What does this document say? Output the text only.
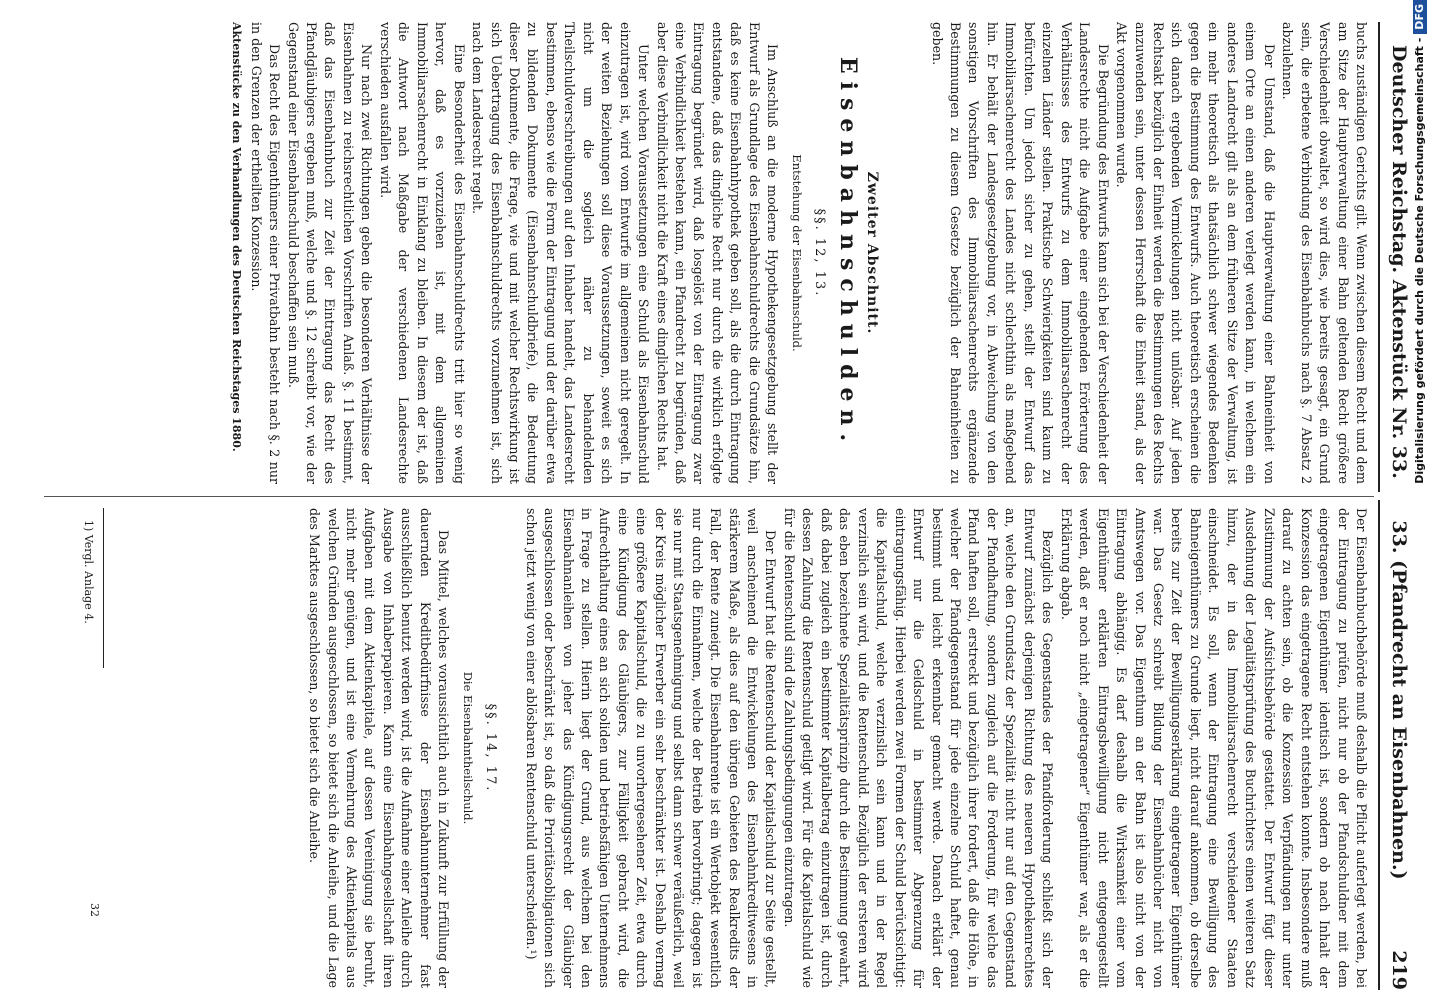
Deutscher Reichstag. Aktenstück Nr. 33.
33. (Pfandrecht an Eisenbahnen.)
219

buchs zuständigen Gerichts gilt. Wenn zwischen diesem Recht und dem am Sitze der Hauptverwaltung einer Bahn geltenden Recht größere Verschiedenheit obwaltet, so wird dies, wie bereits gesagt, ein Grund sein, die erbetene Verbindung des Eisenbahnbuchs nach §. 7 Absatz 2 abzulehnen.

Der Umstand, daß die Hauptverwaltung einer Bahneinheit von einem Orte an einen anderen verlegt werden kann, in welchem ein anderes Landrecht gilt als an dem früheren Sitze der Verwaltung, ist ein mehr theoretisch als thatsächlich schwer wiegendes Bedenken gegen die Bestimmung des Entwurfs. Auch theoretisch erscheinen die sich danach ergebenden Vermickelungen nicht unlösbar. Auf jeden Rechtsakt bezüglich der Einheit werden die Bestimmungen des Rechts anzuwenden sein, unter dessen Herrschaft die Einheit stand, als der Akt vorgenommen wurde.

Die Begründung des Entwurfs kann sich bei der Verschiedenheit der Landesrechte nicht die Aufgabe einer eingehenden Erörterung des Verhältnisses des Entwurfs zu dem Immobiliarsachenrecht der einzelnen Länder stellen. Praktische Schwierigkeiten sind kaum zu befürchten. Um jedoch sicher zu gehen, stellt der Entwurf das Immobiliarsachenrecht des Landes nicht schlechthin als maßgebend hin. Er behält der Landesgesetzgebung vor, in Abweichung von den sonstigen Vorschriften des Immobiliarsachenrechts ergänzende Bestimmungen zu diesem Gesetze bezüglich der Bahneinheiten zu geben.

Zweiter Abschnitt.
Eisenbahnschulden.
§§. 12, 13.
Entstehung der Eisenbahnschuld.

Im Anschluß an die moderne Hypothekengesetzgebung stellt der Entwurf als Grundlage des Eisenbahnschuldrechts die Grundsätze hin, daß es keine Eisenbahnhypothek geben soll, als die durch Eintragung entstandene, daß das dingliche Recht nur durch die wirklich erfolgte Eintragung begründet wird, daß losgelöst von der Eintragung zwar eine Verbindlichkeit bestehen kann, ein Pfandrecht zu begründen, daß aber diese Verbindlichkeit nicht die Kraft eines dinglichen Rechts hat.

Unter welchen Voraussetzungen eine Schuld als Eisenbahnschuld einzutragen ist, wird vom Entwurfe im allgemeinen nicht geregelt. In der weiten Beziehungen soll diese Voraussetzungen, soweit es sich nicht um die sogleich näher zu behandelnden Theilschuldverschreibungen auf den Inhaber handelt, das Landesrecht bestimmen, ebenso wie die Form der Eintragung und der darüber etwa zu bildenden Dokumente (Eisenbahnschuldbriefe), die Bedeutung dieser Dokumente, die Frage, wie und mit welcher Rechtswirkung ist sich Uebertragung des Eisenbahnschuldrechts vorzunehmen ist, sich nach dem Landesrecht regelt.

Eine Besonderheit des Eisenbahnschuldrechts tritt hier so wenig hervor, daß es vorzuziehen ist, mit dem allgemeinen Immobiliarsachenrecht in Einklang zu bleiben. In diesem der ist, daß die Antwort nach Maßgabe der verschiedenen Landesrechte verschieden ausfallen wird.

Nur nach zwei Richtungen geben die besonderen Verhältnisse der Eisenbahnen zu reichsrechtlichen Vorschriften Anlaß. §. 11 bestimmt, daß das Eisenbahnbuch zur Zeit der Eintragung das Recht des Pfandgläubigers ergeben muß, welche und §. 12 schreibt vor, wie der Gegenstand einer Eisenbahnschuld beschaffen sein muß.

Das Recht des Eigenthümers einer Privatbahn besteht nach §. 2 nur in den Grenzen der ertheilten Konzession.

Aktenstücke zu den Verhandlungen des Deutschen Reichstages 1880.

Der Eisenbahnbuchbehörde muß deshalb die Pflicht auferlegt werden, bei der Eintragung zu prüfen, nicht nur ob der Pfandschuldner mit dem eingetragenen Eigenthümer identisch ist, sondern ob nach Inhalt der Konzession das eingetragene Recht entstehen konnte. Insbesondere muß darauf zu achten sein, ob die Konzession Verpfändungen nur unter Zustimmung der Aufsichtsbehörde gestattet. Der Entwurf fügt dieser Ausdehnung der Legalitätsprüfung des Buchrichters einen weiteren Satz hinzu, der in das Immobiliarsachenrecht verschiedener Staaten einschneidet. Es soll, wenn der Eintragung eine Bewilligung des Bahneigenthümers zu Grunde liegt, nicht darauf ankommen, ob derselbe bereits zur Zeit der Bewilligungserklärung eingetragener Eigenthümer war. Das Gesetz schreibt Bildung der Eisenbahnbücher nicht von Amtswegen vor. Das Eigenthum an der Bahn ist also nicht von der Eintragung abhängig. Es darf deshalb die Wirksamkeit einer vom Eigenthümer erklärten Eintragsbewilligung nicht entgegengestellt werden, daß er noch nicht „eingetragener“ Eigenthümer war, als er die Erklärung abgab.

Bezüglich des Gegenstandes der Pfandforderung schließt sich der Entwurf zunächst derjenigen Richtung des neueren Hypothekenrechtes an, welche den Grundsatz der Spezialität nicht nur auf den Gegenstand der Pfandhaftung, sondern zugleich auf die Forderung, für welche das Pfand haften soll, erstreckt und bezüglich ihrer fordert, daß die Höhe, in welcher der Pfandgegenstand für jede einzelne Schuld haftet, genau bestimmt und leicht erkennbar gemacht werde. Danach erklärt der Entwurf nur die Geldschuld in bestimmter Abgrenzung für eintragungsfähig. Hierbei werden zwei Formen der Schuld berücksichtigt: die Kapitalschuld, welche verzinslich sein kann und in der Regel verzinslich sein wird, und die Rentenschuld. Bezüglich der ersteren wird das eben bezeichnete Spezialitätsprinzip durch die Bestimmung gewahrt, daß dabei zugleich ein bestimmter Kapitalbetrag einzutragen ist, durch dessen Zahlung die Rentenschuld getilgt wird. Für die Kapitalschuld wie für die Rentenschuld sind die Zahlungsbedingungen einzutragen.

Der Entwurf hat die Rentenschuld der Kapitalschuld zur Seite gestellt, weil anscheinend die Entwickelungen des Eisenbahnkreditwesens in stärkerem Maße, als dies auf den übrigen Gebieten des Realkredits der Fall, der Rente zuneigt. Die Eisenbahnrente ist ein Wertobjekt wesentlich nur durch die Einnahmen, welche der Betrieb hervorbringt; dagegen ist sie nur mit Staatsgenehmigung und selbst dann schwer veräußerlich, weil der Kreis möglicher Erwerber ein sehr beschränkter ist. Deshalb vermag eine größere Kapitalschuld, die zu unvorhergesehener Zeit, etwa durch eine Kündigung des Gläubigers, zur Fälligkeit gebracht wird, die Aufrechthaltung eines an sich soliden und betriebsfähigen Unternehmens in Frage zu stellen. Hierin liegt der Grund, aus welchem bei den Eisenbahnanleihen von jeher das Kündigungsrecht der Gläubiger ausgeschlossen oder beschränkt ist, so daß die Prioritätsobligationen sich schon jetzt wenig von einer ablösbaren Rentenschuld unterscheiden.¹)

§§. 14, 17.
Die Eisenbahntheilschuld.

Das Mittel, welches voraussichtlich auch in Zukunft zur Erfüllung der dauernden Kreditbedürfnisse der Eisenbahnunternehmer fast ausschließlich benutzt werden wird, ist die Aufnahme einer Anleihe durch Ausgabe von Inhaberpapieren. Kann eine Eisenbahngesellschaft ihren Aufgaben mit dem Aktienkapitale, auf dessen Vereinigung sie beruht, nicht mehr genügen, und ist eine Vermehrung des Aktienkapitals aus welchen Gründen ausgeschlossen, so bietet sich die Anleihe, und die Lage des Marktes ausgeschlossen, so bietet sich die Anleihe.

1) Vergl. Anlage 4.
32
Digitalisierung gefördert durch die Deutsche Forschungsgemeinschaft -DFG
